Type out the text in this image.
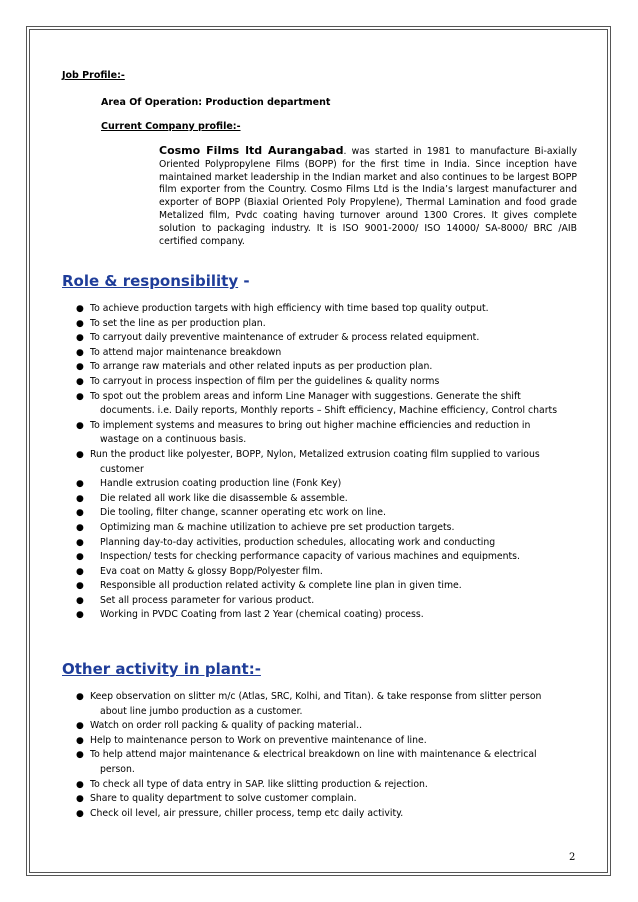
Job Profile:-
Area Of Operation: Production department
Current Company profile:-
Cosmo Films ltd Aurangabad. was started in 1981 to manufacture Bi-axially Oriented Polypropylene Films (BOPP) for the first time in India. Since inception have maintained market leadership in the Indian market and also continues to be largest BOPP film exporter from the Country. Cosmo Films Ltd is the India’s largest manufacturer and exporter of BOPP (Biaxial Oriented Poly Propylene), Thermal Lamination and food grade Metalized film, Pvdc coating having turnover around 1300 Crores. It gives complete solution to packaging industry. It is ISO 9001-2000/ ISO 14000/ SA-8000/ BRC /AIB certified company.
Role & responsibility -
● To achieve production targets with high efficiency with time based top quality output.
● To set the line as per production plan.
● To carryout daily preventive maintenance of extruder & process related equipment.
● To attend major maintenance breakdown
● To arrange raw materials and other related inputs as per production plan.
● To carryout in process inspection of film per the guidelines & quality norms
● To spot out the problem areas and inform Line Manager with suggestions. Generate the shift
documents. i.e. Daily reports, Monthly reports – Shift efficiency, Machine efficiency, Control charts
● To implement systems and measures to bring out higher machine efficiencies and reduction in
wastage on a continuous basis.
● Run the product like polyester, BOPP, Nylon, Metalized extrusion coating film supplied to various
customer
● Handle extrusion coating production line (Fonk Key)
● Die related all work like die disassemble & assemble.
● Die tooling, filter change, scanner operating etc work on line.
● Optimizing man & machine utilization to achieve pre set production targets.
● Planning day-to-day activities, production schedules, allocating work and conducting
● Inspection/ tests for checking performance capacity of various machines and equipments.
● Eva coat on Matty & glossy Bopp/Polyester film.
● Responsible all production related activity & complete line plan in given time.
● Set all process parameter for various product.
● Working in PVDC Coating from last 2 Year (chemical coating) process.
Other activity in plant:-
● Keep observation on slitter m/c (Atlas, SRC, Kolhi, and Titan). & take response from slitter person
about line jumbo production as a customer.
● Watch on order roll packing & quality of packing material..
● Help to maintenance person to Work on preventive maintenance of line.
● To help attend major maintenance & electrical breakdown on line with maintenance & electrical
person.
● To check all type of data entry in SAP. like slitting production & rejection.
● Share to quality department to solve customer complain.
● Check oil level, air pressure, chiller process, temp etc daily activity.
2
